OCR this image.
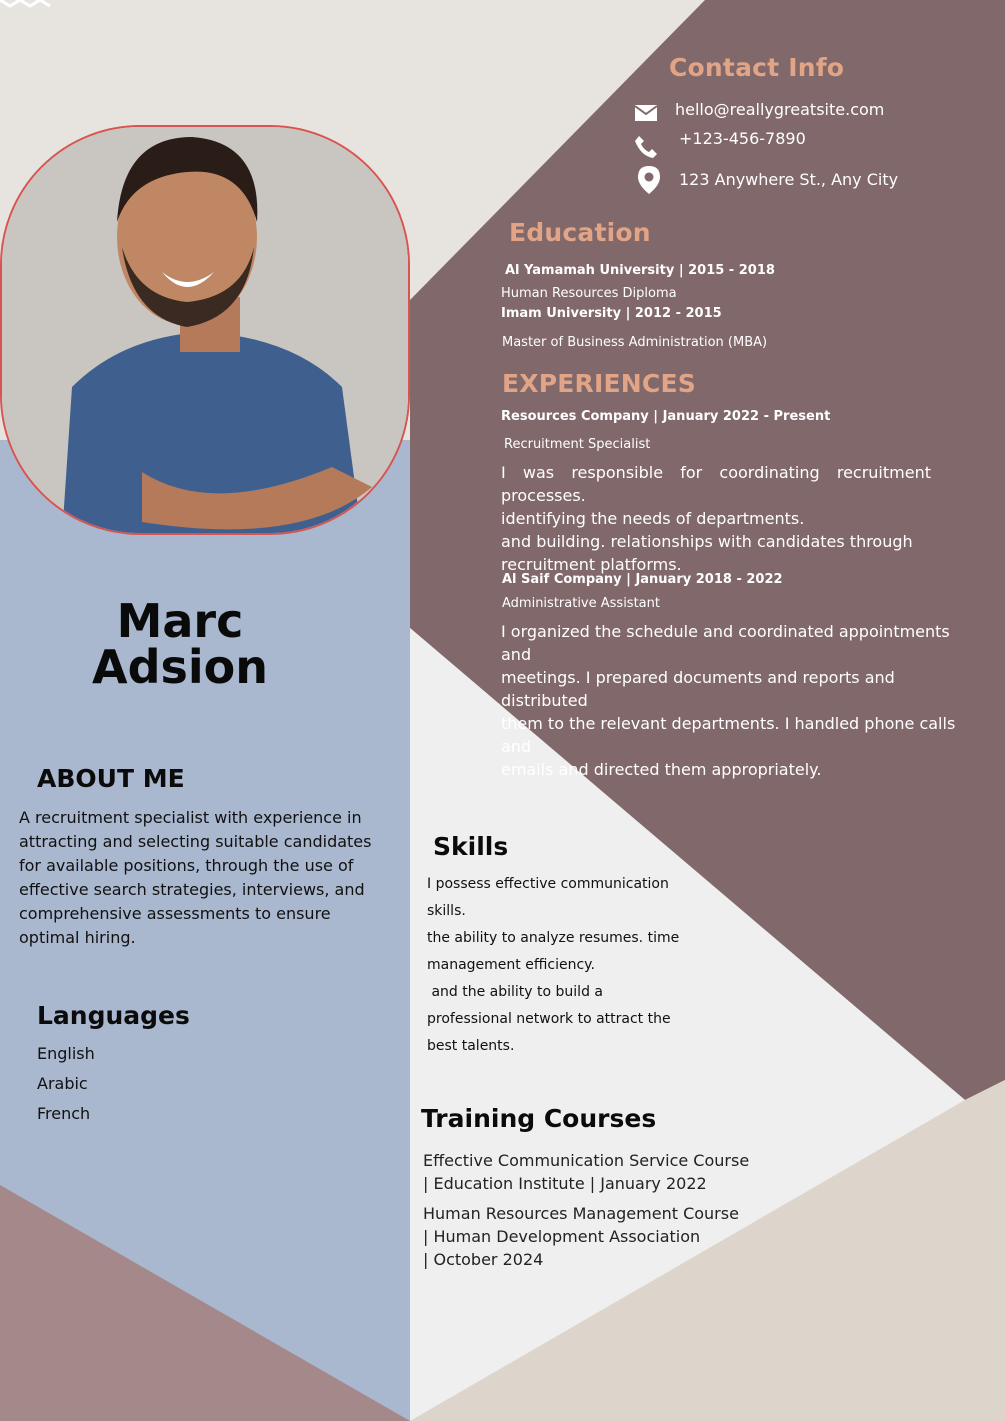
Marc
Adsion
Contact Info
hello@reallygreatsite.com
+123-456-7890
123 Anywhere St., Any City
Education
Al Yamamah University | 2015 - 2018
Human Resources Diploma
Imam University | 2012 - 2015
Master of Business Administration (MBA)
EXPERIENCES
Resources Company | January 2022 - Present
Recruitment Specialist
I was responsible for coordinating recruitment processes.
identifying the needs of departments.
and building. relationships with candidates through
recruitment platforms.
Al Saif Company | January 2018 - 2022
Administrative Assistant
I organized the schedule and coordinated appointments and
meetings. I prepared documents and reports and distributed
them to the relevant departments. I handled phone calls and
emails and directed them appropriately.
ABOUT ME
A recruitment specialist with experience in
attracting and selecting suitable candidates
for available positions, through the use of
effective search strategies, interviews, and
comprehensive assessments to ensure
optimal hiring.
Languages
English
Arabic
French
Skills
I possess effective communication
skills.
the ability to analyze resumes. time
management efficiency.
and the ability to build a
professional network to attract the
best talents.
Training Courses
Effective Communication Service Course
| Education Institute | January 2022
Human Resources Management Course
| Human Development Association
| October 2024
